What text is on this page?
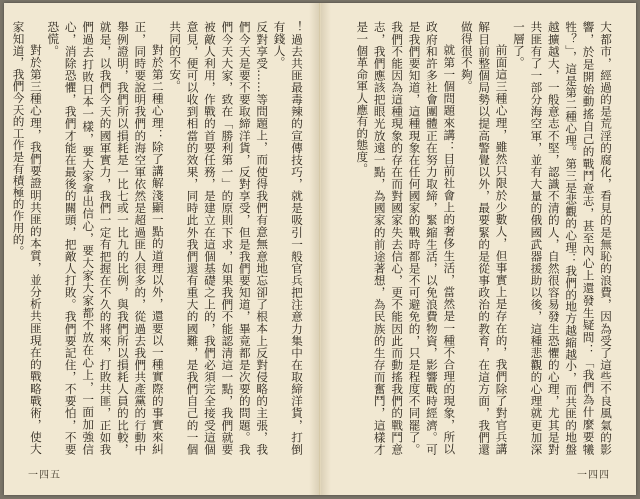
！過去共匪最毒辣的宣傳技巧，就是吸引一般官兵把注意力集中在取締洋貨，打倒有錢人。

反對享受……等問題上，而使得我們有意無意地忘卻了根本上反對侵略的主張，我們今天是要不要取締洋貨，反對享受，但是我們要知道，畢竟都是次要的問題。我們今天大家，致在「勝利第一」的原則下求，如果我們不能認清這一點，我們就要被敵人利用，作戰的首要任務，是建立在這個基礎之上的，我們必須完全接受這個意見，便可以收到相當的效果，同時此外我們還有重大的國難，是我們自己的一個共同的不安。

對於第二種心理：除了講解淺顯一點的道理以外，還要以一種實際的事實來糾正，同時要說明我們的海空軍依然是超過匪人很多的，從過去我們共產黨的行動中舉例證明，我們所以損耗是一比七或一比九的比例，與我們所以損耗人員的比較，就是，以我們今天的國軍實力，我們一定有把握在不久的將來，打敗共匪，正如我們過去打敗日本一樣，要大家拿出信心，要大家大家都不放在心上，一面加強信心，消除恐懼，我們才能在最後的關頭，把敵人打敗。我們要記住，不要怕，不要恐慌。

對於第三種心理，我們要證明共匪的本質，並分析共匪現在的戰略戰術，使大家知道，我們今天的工作是有積極的作用的。

一四五

大都市，經過的是荒淫的腐化，看見的是無恥的浪費，因為受了這些不良風氣的影響，於是開始動搖自己的戰鬥意志，甚至內心上還發生疑問：「我們為什麼要犧牲？」，這是第二種心理。第三是悲觀的心理：我們的地方越縮越小，而共匪的地盤越擴越大，一般意志不堅，認識不清的人，自然很容易發生恐懼的心理，尤其是對共匪有了一部分海空軍，並有大量的俄國武器援助以後，這種悲觀的心理就更加深一層了。

前面這三種心理，雖然只限於少數人，但事實上是存在的，我們除了對官兵講解目前整個局勢以提高警覺以外，最要緊的是從事政治的教育，在這方面，我們還做得很不夠。

就第一個問題來講：目前社會上的奢侈生活，當然是一種不合理的現象，所以政府和許多社會團體正在努力取締，緊縮生活，以免浪費物資，影響戰時經濟。可是我們要知道，這種現象在任何國家的戰時都是不可避免的，只是程度不同罷了。我們不能因為這種現象的存在而對國家失去信心，更不能因此而動搖我們的戰鬥意志，我們應該把眼光放遠一點，為國家的前途著想，為民族的生存而奮鬥，這樣才是一個革命軍人應有的態度。

一四四
